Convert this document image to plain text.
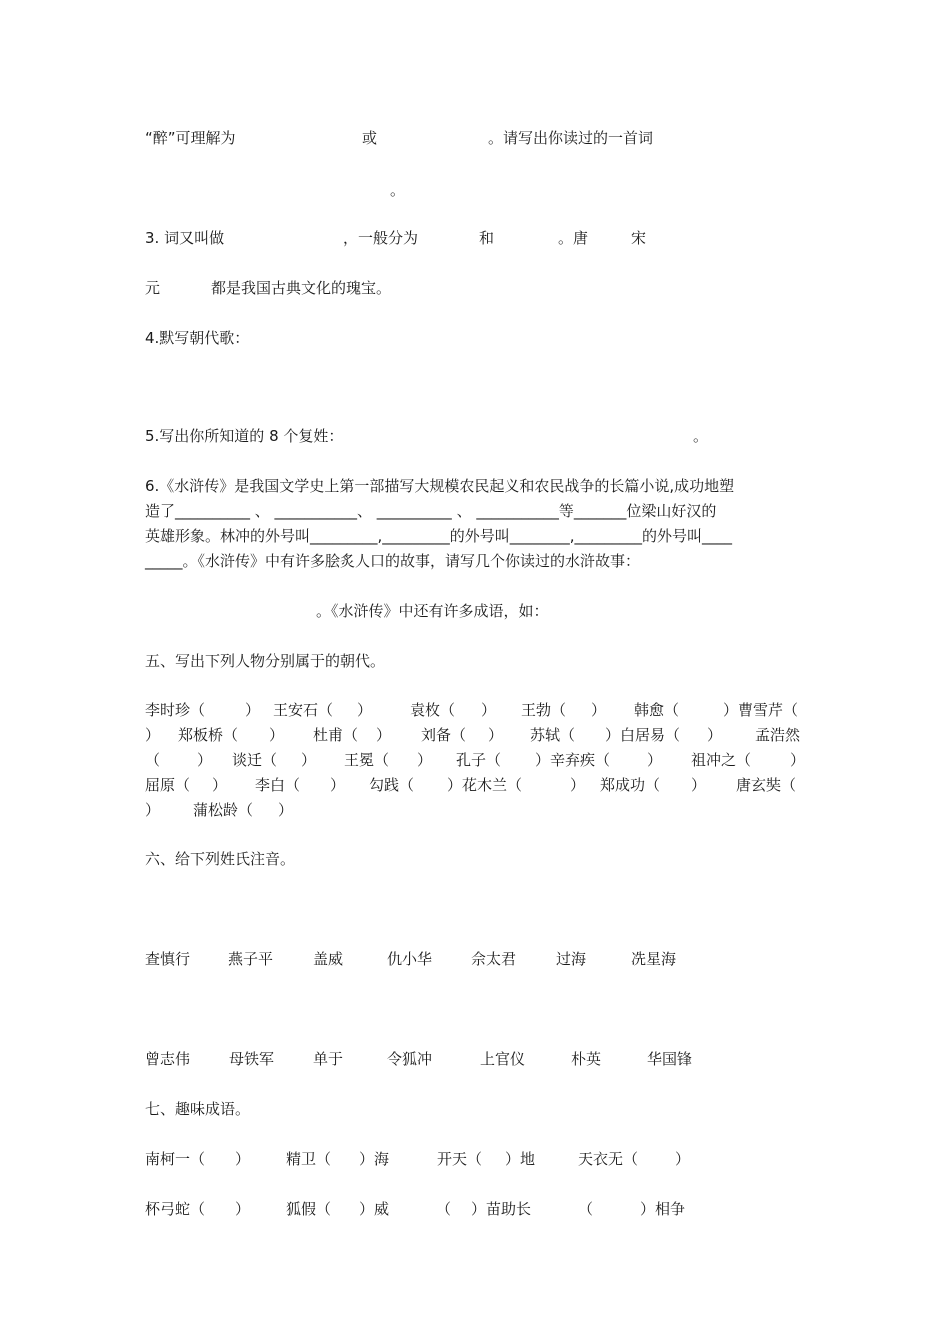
“醉”可理解为	或	。请写出你读过的一首词
。
3. 词又叫做	，一般分为	和	。唐	宋
元	都是我国古典文化的瑰宝。
4.默写朝代歌：
5.写出你所知道的 8 个复姓：	。
6.《水浒传》是我国文学史上第一部描写大规模农民起义和农民战争的长篇小说,成功地塑
造了__________ 、 ___________、 __________ 、 ___________等_______位梁山好汉的
英雄形象。林冲的外号叫_________,_________的外号叫________,_________的外号叫____
_____。《水浒传》中有许多脍炙人口的故事，请写几个你读过的水浒故事：
。《水浒传》中还有许多成语，如：
五、写出下列人物分别属于的朝代。
李时珍（	） 王安石（ ）	袁枚（ ） 王勃（ ） 韩愈（	）曹雪芹（
） 郑板桥（ ） 杜甫（ ） 刘备（ ） 苏轼（ ）白居易（ ） 孟浩然
（ ） 谈迁（ ） 王冕（ ） 孔子（ ）辛弃疾（ ） 祖冲之（	）
屈原（ ） 李白（ ） 勾践（ ）花木兰（	） 郑成功（ ） 唐玄奘（
） 蒲松龄（ ）
六、给下列姓氏注音。
查慎行	燕子平	盖威	仇小华	佘太君	过海	冼星海
曾志伟	母铁军	单于	令狐冲	上官仪	朴英	华国锋
七、趣味成语。
南柯一（ ） 精卫（ ）海	开天（ ）地	天衣无（ ）
杯弓蛇（ ） 狐假（ ）威	（ ）苗助长	（	）相争
